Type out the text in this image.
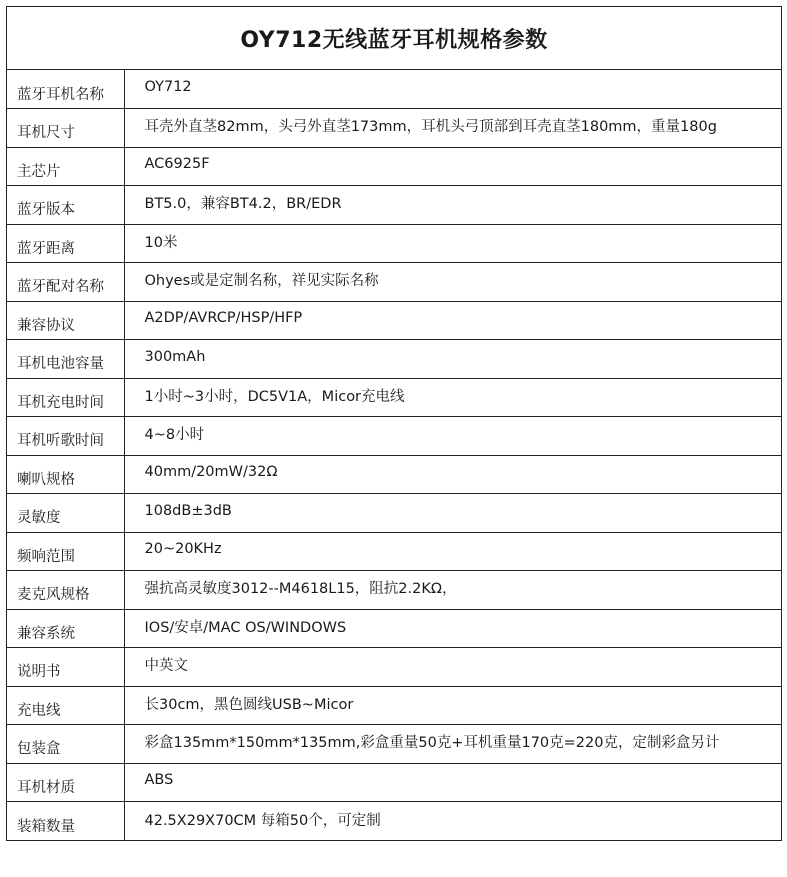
OY712无线蓝牙耳机规格参数
蓝牙耳机名称	OY712
耳机尺寸	耳壳外直茎82mm，头弓外直茎173mm，耳机头弓顶部到耳壳直茎180mm，重量180g
主芯片	AC6925F
蓝牙版本	BT5.0，兼容BT4.2，BR/EDR
蓝牙距离	10米
蓝牙配对名称	Ohyes或是定制名称，祥见实际名称
兼容协议	A2DP/AVRCP/HSP/HFP
耳机电池容量	300mAh
耳机充电时间	1小时~3小时，DC5V1A，Micor充电线
耳机听歌时间	4~8小时
喇叭规格	40mm/20mW/32Ω
灵敏度	108dB±3dB
频响范围	20~20KHz
麦克风规格	强抗高灵敏度3012--M4618L15，阻抗2.2KΩ，
兼容系统	IOS/安卓/MAC OS/WINDOWS
说明书	中英文
充电线	长30cm，黑色圆线USB~Micor
包装盒	彩盒135mm*150mm*135mm,彩盒重量50克+耳机重量170克=220克，定制彩盒另计
耳机材质	ABS
装箱数量	42.5X29X70CM 每箱50个，可定制
